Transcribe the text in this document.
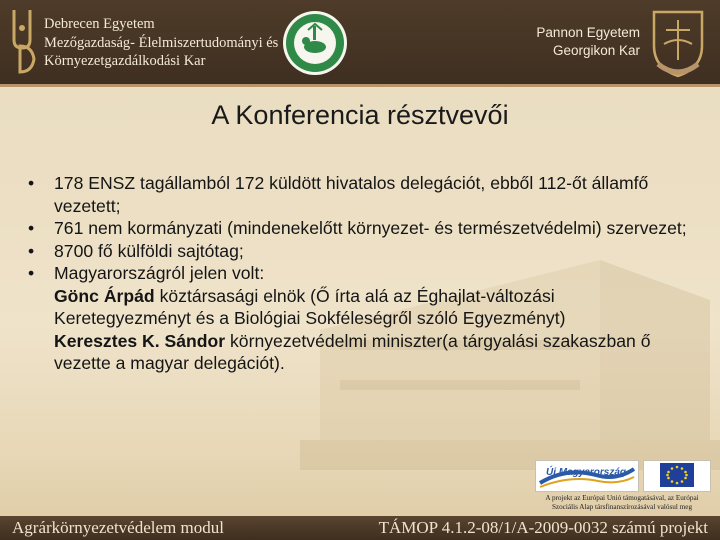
Debrecen Egyetem
Mezőgazdaság- Élelmiszertudományi és
Környezetgazdálkodási Kar
Pannon Egyetem
Georgikon Kar
A Konferencia résztvevői
• 178 ENSZ tagállamból 172 küldött hivatalos delegációt, ebből 112-őt államfő vezetett;
• 761 nem kormányzati (mindenekelőtt környezet- és természetvédelmi) szervezet;
• 8700 fő külföldi sajtótag;
• Magyarországról jelen volt:
Gönc Árpád köztársasági elnök (Ő írta alá az Éghajlat-változási Keretegyezményt és a Biológiai Sokféleségről szóló Egyezményt)
Keresztes K. Sándor környezetvédelmi miniszter(a tárgyalási szakaszban ő vezette a magyar delegációt).
Új Magyarország
A projekt az Európai Unió támogatásával, az Európai Szociális Alap társfinanszírozásával valósul meg
Agrárkörnyezetvédelem modul	TÁMOP 4.1.2-08/1/A-2009-0032 számú projekt
